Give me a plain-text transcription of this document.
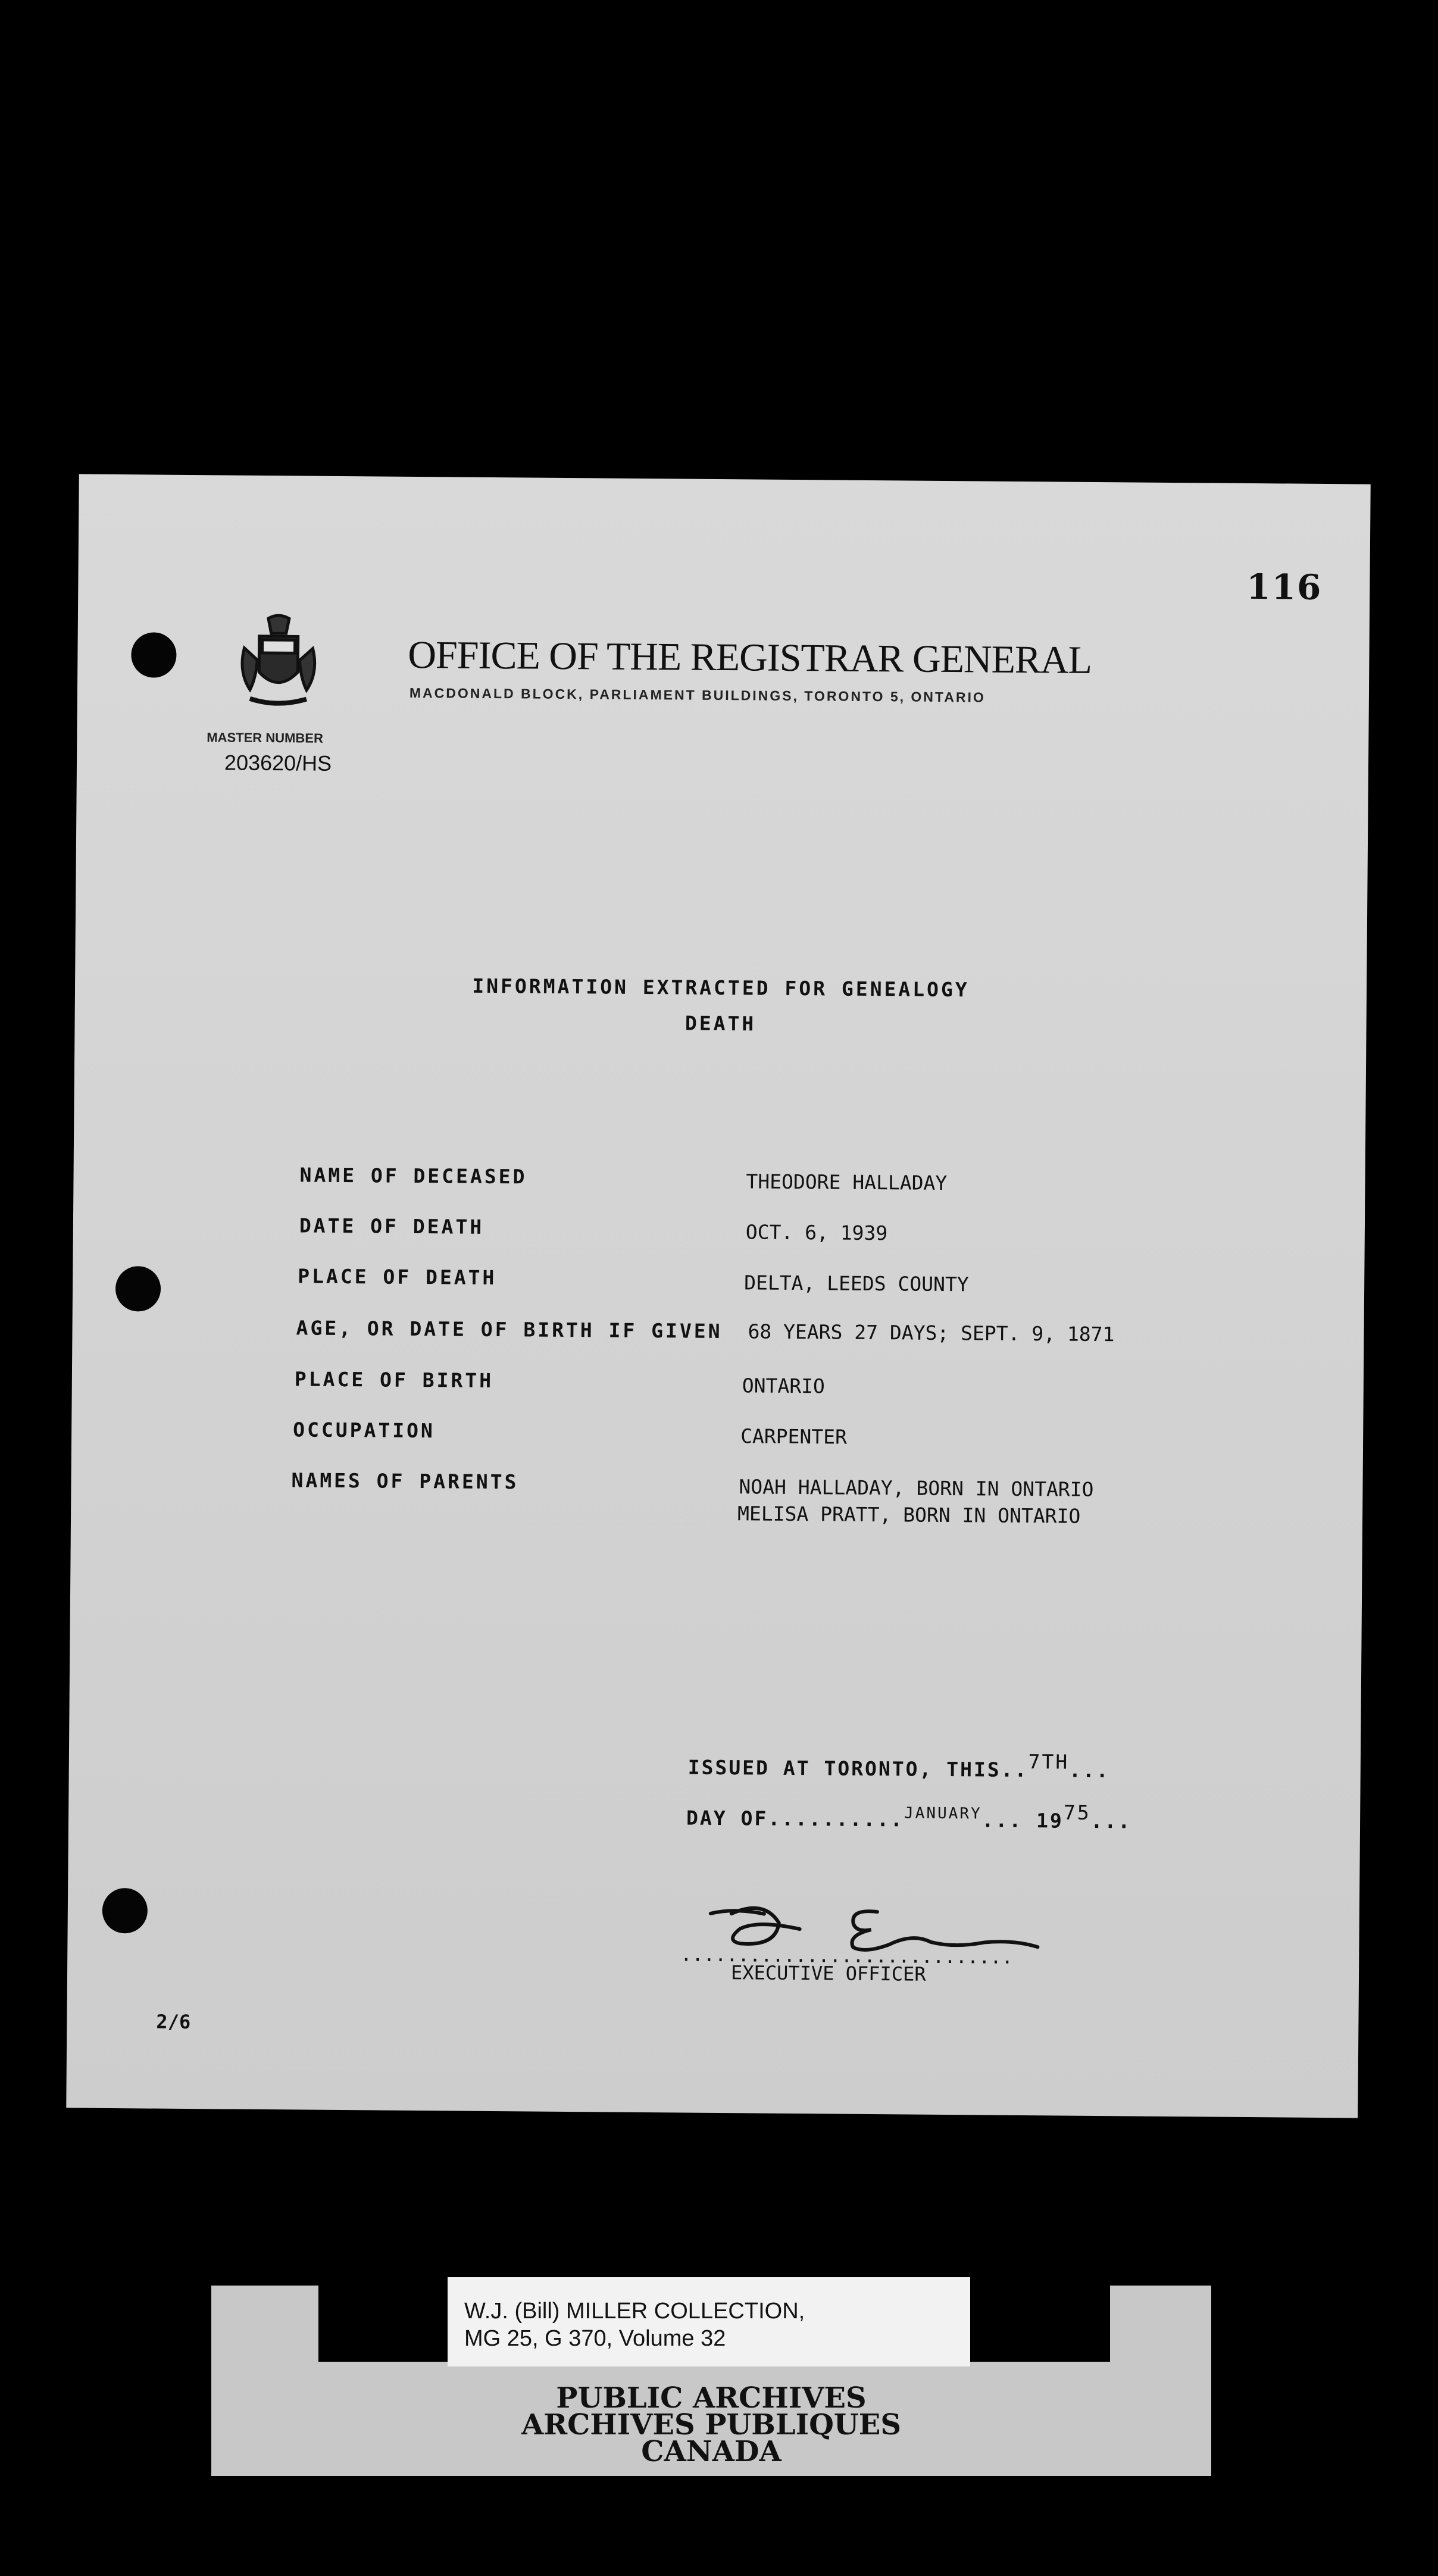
116
OFFICE OF THE REGISTRAR GENERAL
MACDONALD BLOCK, PARLIAMENT BUILDINGS, TORONTO 5, ONTARIO
MASTER NUMBER
203620/HS
INFORMATION EXTRACTED FOR GENEALOGY
DEATH
NAME OF DECEASED	THEODORE HALLADAY
DATE OF DEATH	OCT. 6, 1939
PLACE OF DEATH	DELTA, LEEDS COUNTY
AGE, OR DATE OF BIRTH IF GIVEN 68 YEARS 27 DAYS; SEPT. 9, 1871
PLACE OF BIRTH	ONTARIO
OCCUPATION	CARPENTER
NAMES OF PARENTS	NOAH HALLADAY, BORN IN ONTARIO
MELISA PRATT, BORN IN ONTARIO
ISSUED AT TORONTO, THIS..7TH...
DAY OF..........$^{JANUARY}$... 1975...
.............................
EXECUTIVE OFFICER
2/6
PUBLIC ARCHIVES
ARCHIVES PUBLIQUES
CANADA
W.J. (Bill) MILLER COLLECTION,
MG 25, G 370, Volume 32
